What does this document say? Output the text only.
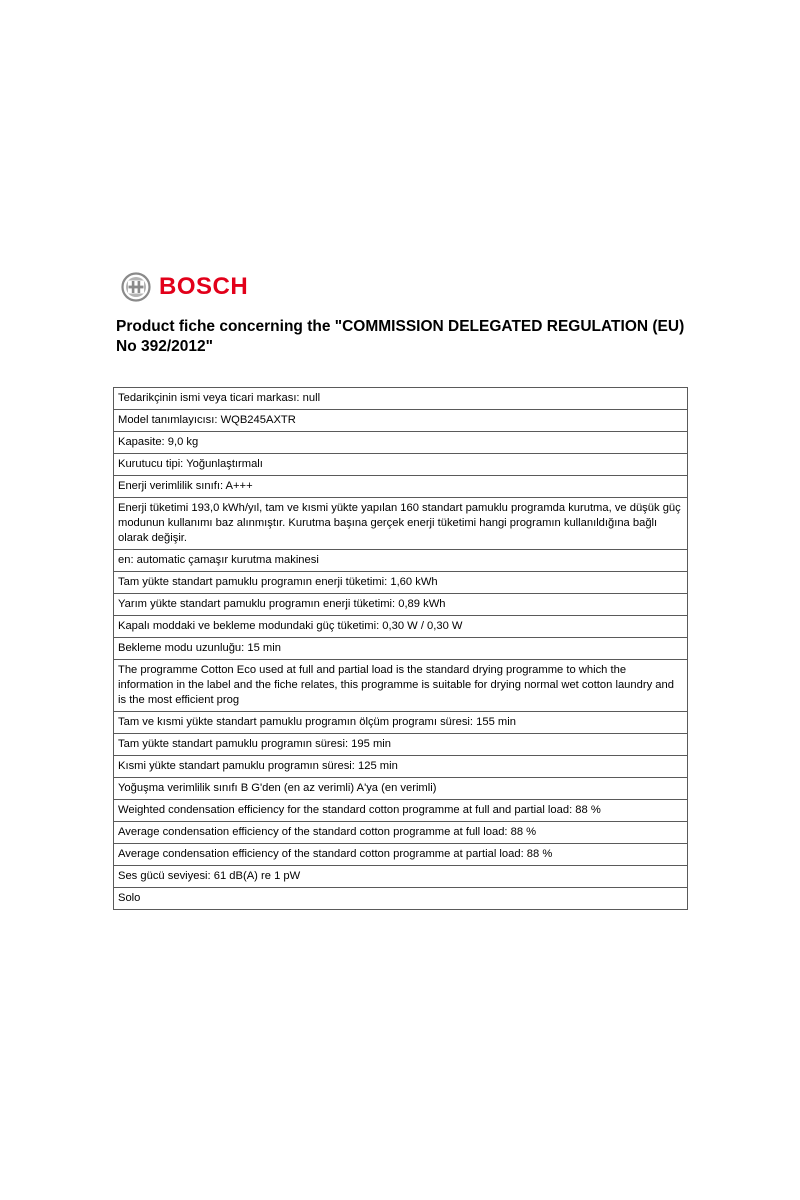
BOSCH
Product fiche concerning the "COMMISSION DELEGATED REGULATION (EU) No 392/2012"
Tedarikçinin ismi veya ticari markası: null

Model tanımlayıcısı: WQB245AXTR

Kapasite: 9,0 kg

Kurutucu tipi: Yoğunlaştırmalı

Enerji verimlilik sınıfı: A+++

Enerji tüketimi 193,0 kWh/yıl, tam ve kısmi yükte yapılan 160 standart pamuklu programda kurutma, ve düşük güç modunun kullanımı baz alınmıştır. Kurutma başına gerçek enerji tüketimi hangi programın kullanıldığına bağlı olarak değişir.

en: automatic çamaşır kurutma makinesi

Tam yükte standart pamuklu programın enerji tüketimi: 1,60 kWh

Yarım yükte standart pamuklu programın enerji tüketimi: 0,89 kWh

Kapalı moddaki ve bekleme modundaki güç tüketimi: 0,30 W / 0,30 W

Bekleme modu uzunluğu: 15 min

The programme Cotton Eco used at full and partial load is the standard drying programme to which the information in the label and the fiche relates, this programme is suitable for drying normal wet cotton laundry and is the most efficient prog

Tam ve kısmi yükte standart pamuklu programın ölçüm programı süresi: 155 min

Tam yükte standart pamuklu programın süresi: 195 min

Kısmi yükte standart pamuklu programın süresi: 125 min

Yoğuşma verimlilik sınıfı B G'den (en az verimli) A'ya (en verimli)

Weighted condensation efficiency for the standard cotton programme at full and partial load: 88 %

Average condensation efficiency of the standard cotton programme at full load: 88 %

Average condensation efficiency of the standard cotton programme at partial load: 88 %

Ses gücü seviyesi: 61 dB(A) re 1 pW

Solo
